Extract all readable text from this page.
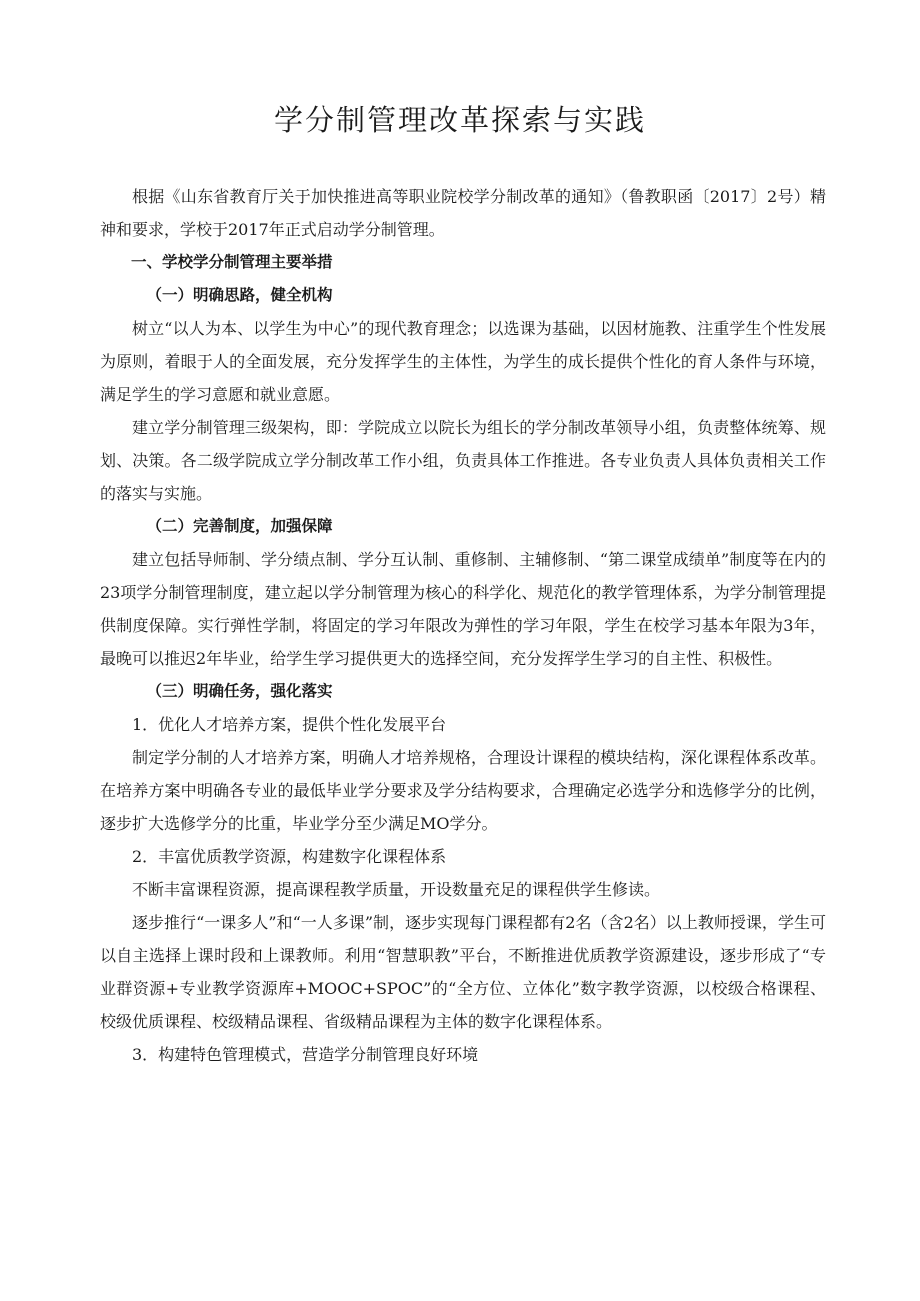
学分制管理改革探索与实践

根据《山东省教育厅关于加快推进高等职业院校学分制改革的通知》（鲁教职函〔2017〕2号）精神和要求，学校于2017年正式启动学分制管理。

一、学校学分制管理主要举措

（一）明确思路，健全机构

树立“以人为本、以学生为中心”的现代教育理念；以选课为基础，以因材施教、注重学生个性发展为原则，着眼于人的全面发展，充分发挥学生的主体性，为学生的成长提供个性化的育人条件与环境，满足学生的学习意愿和就业意愿。

建立学分制管理三级架构，即：学院成立以院长为组长的学分制改革领导小组，负责整体统筹、规划、决策。各二级学院成立学分制改革工作小组，负责具体工作推进。各专业负责人具体负责相关工作的落实与实施。

（二）完善制度，加强保障

建立包括导师制、学分绩点制、学分互认制、重修制、主辅修制、“第二课堂成绩单”制度等在内的23项学分制管理制度，建立起以学分制管理为核心的科学化、规范化的教学管理体系，为学分制管理提供制度保障。实行弹性学制，将固定的学习年限改为弹性的学习年限，学生在校学习基本年限为3年，最晚可以推迟2年毕业，给学生学习提供更大的选择空间，充分发挥学生学习的自主性、积极性。

（三）明确任务，强化落实

1．优化人才培养方案，提供个性化发展平台

制定学分制的人才培养方案，明确人才培养规格，合理设计课程的模块结构，深化课程体系改革。在培养方案中明确各专业的最低毕业学分要求及学分结构要求，合理确定必选学分和选修学分的比例，逐步扩大选修学分的比重，毕业学分至少满足MO学分。

2．丰富优质教学资源，构建数字化课程体系

不断丰富课程资源，提高课程教学质量，开设数量充足的课程供学生修读。

逐步推行“一课多人”和“一人多课”制，逐步实现每门课程都有2名（含2名）以上教师授课，学生可以自主选择上课时段和上课教师。利用“智慧职教”平台，不断推进优质教学资源建设，逐步形成了“专业群资源+专业教学资源库+MOOC+SPOC”的“全方位、立体化”数字教学资源，以校级合格课程、校级优质课程、校级精品课程、省级精品课程为主体的数字化课程体系。

3．构建特色管理模式，营造学分制管理良好环境
